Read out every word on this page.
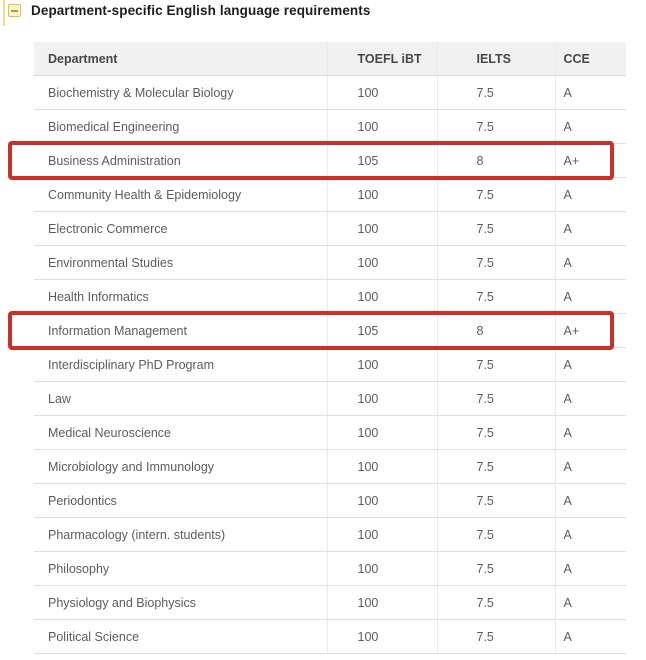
Department-specific English language requirements
Department	TOEFL iBT	IELTS	CCE
Biochemistry & Molecular Biology	100	7.5	A
Biomedical Engineering	100	7.5	A
Business Administration	105	8	A+
Community Health & Epidemiology	100	7.5	A
Electronic Commerce	100	7.5	A
Environmental Studies	100	7.5	A
Health Informatics	100	7.5	A
Information Management	105	8	A+
Interdisciplinary PhD Program	100	7.5	A
Law	100	7.5	A
Medical Neuroscience	100	7.5	A
Microbiology and Immunology	100	7.5	A
Periodontics	100	7.5	A
Pharmacology (intern. students)	100	7.5	A
Philosophy	100	7.5	A
Physiology and Biophysics	100	7.5	A
Political Science	100	7.5	A
